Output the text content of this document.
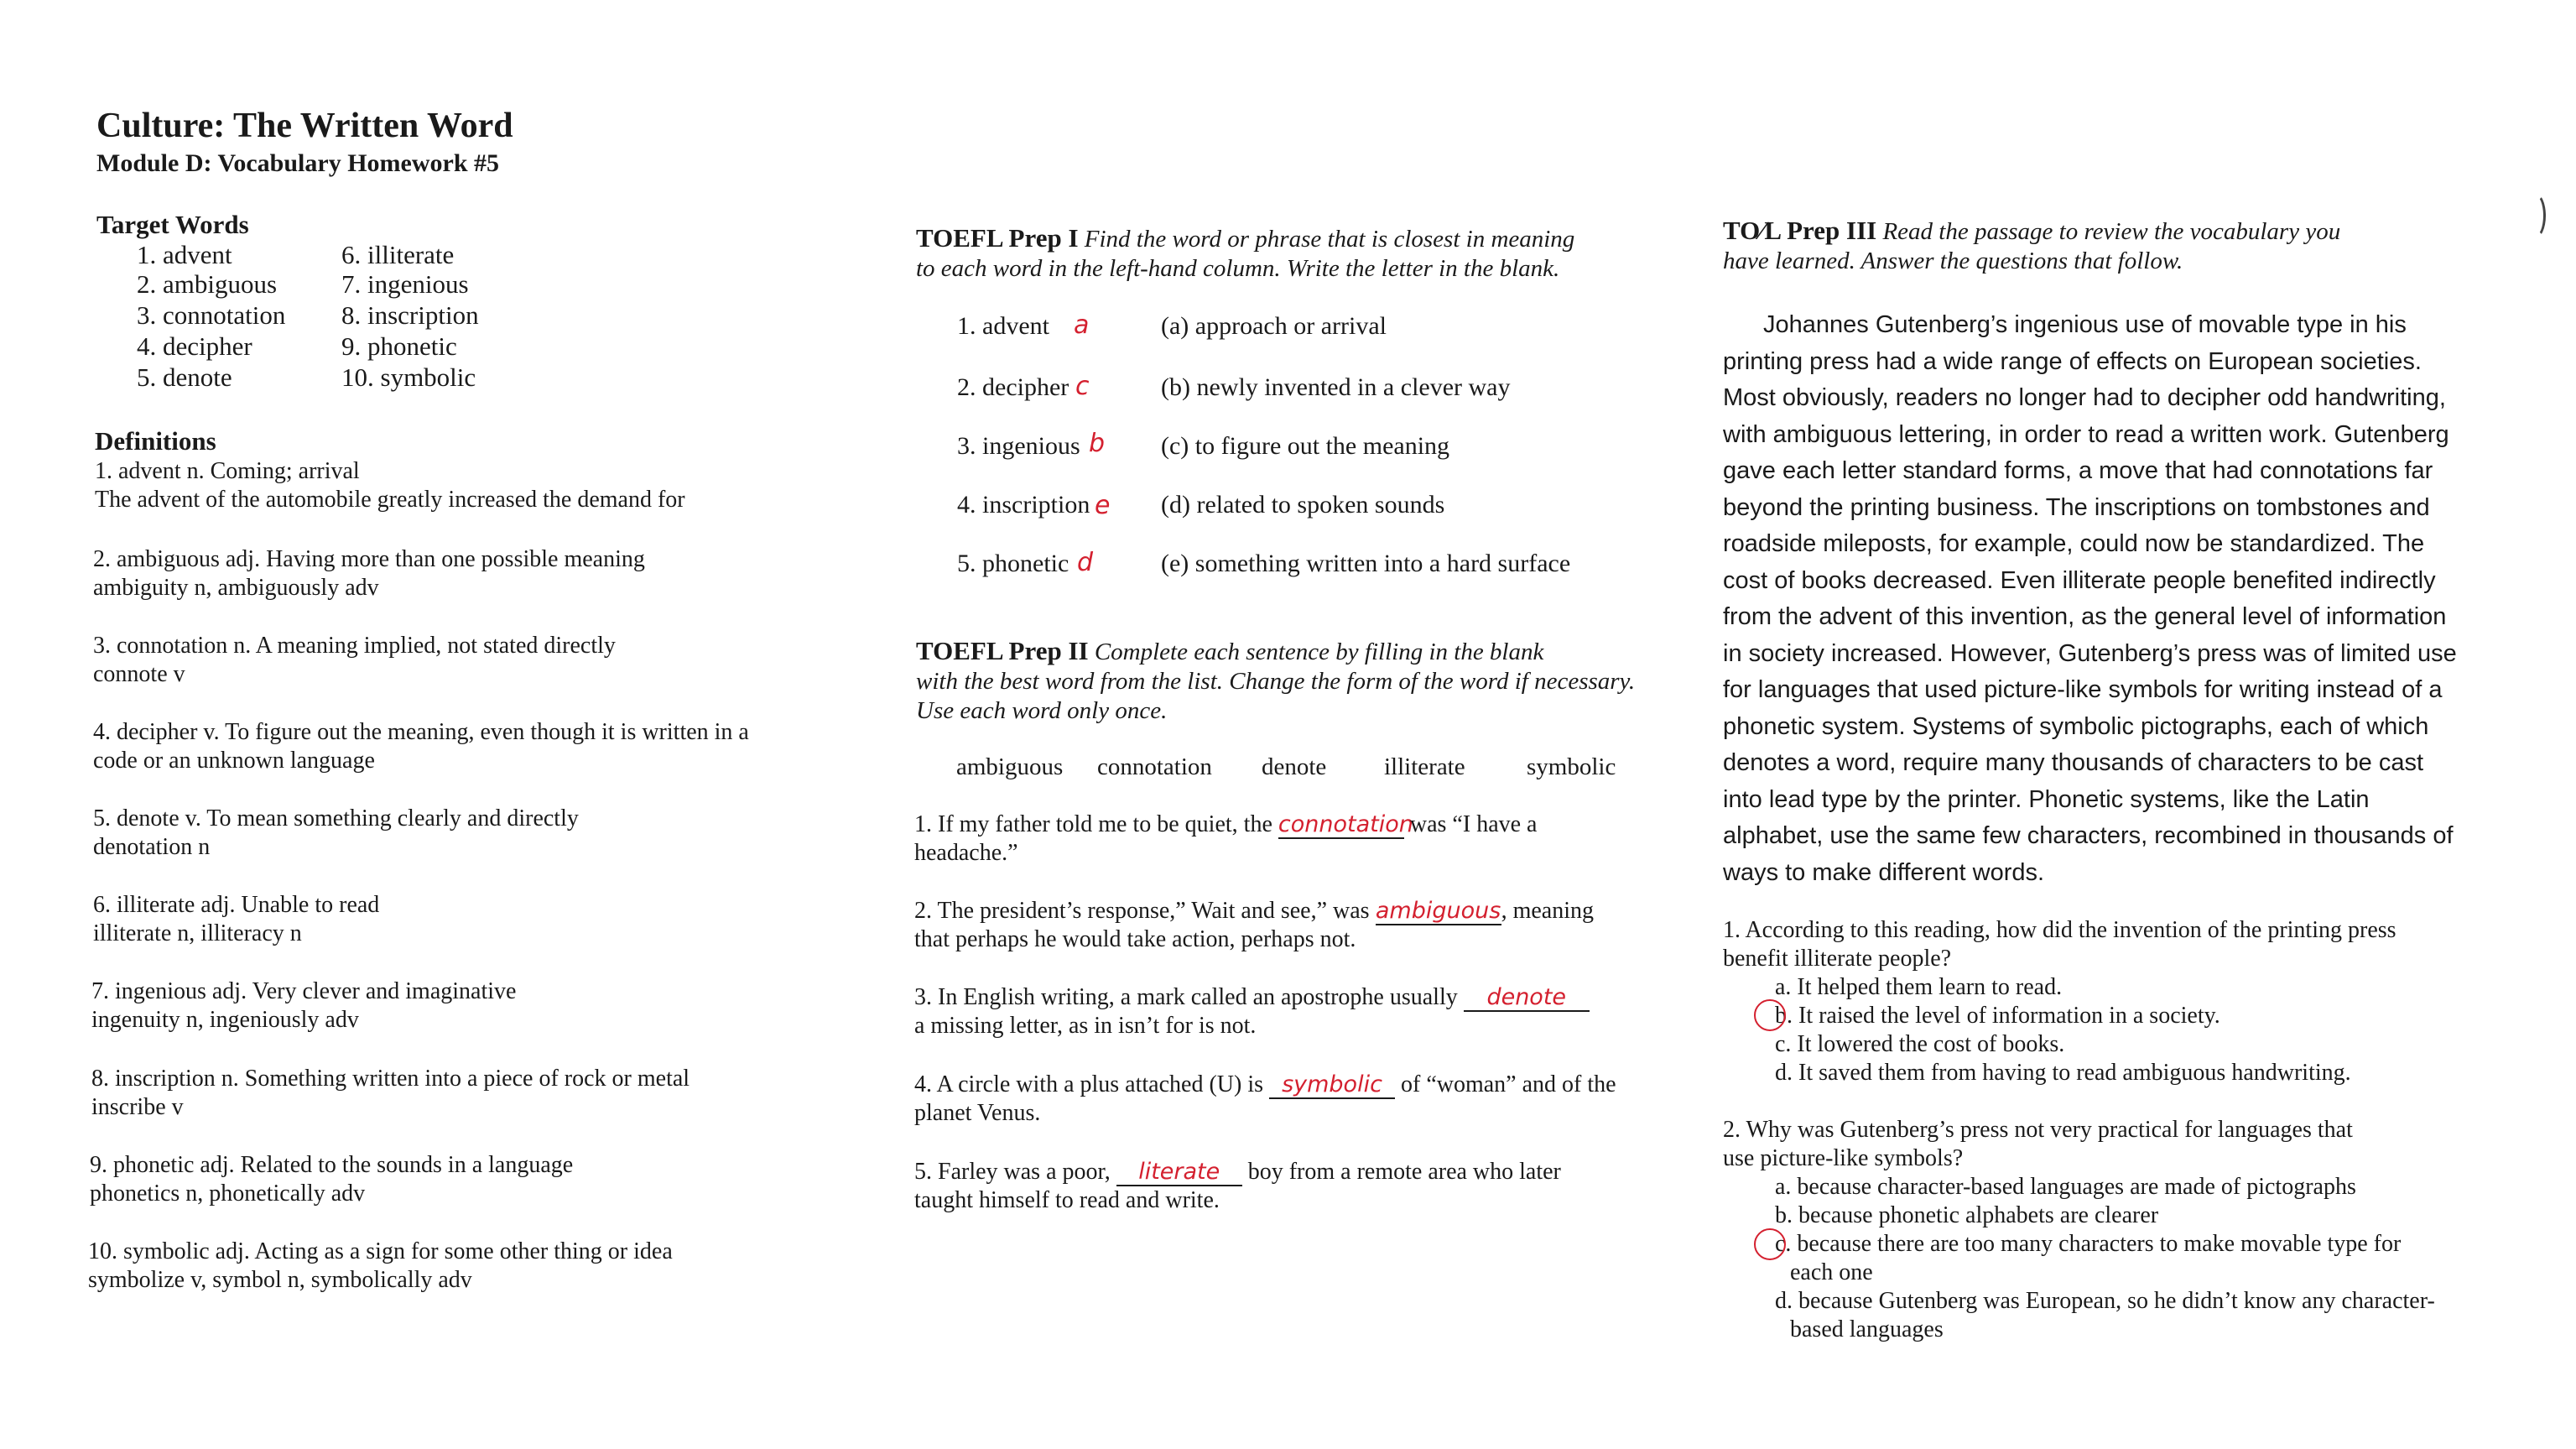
Culture: The Written Word
Module D: Vocabulary Homework #5
Target Words
1. advent
2. ambiguous
3. connotation
4. decipher
5. denote
6. illiterate
7. ingenious
8. inscription
9. phonetic
10. symbolic
Definitions
1. advent n. Coming; arrival
The advent of the automobile greatly increased the demand for
2. ambiguous adj. Having more than one possible meaning
ambiguity n, ambiguously adv
3. connotation n. A meaning implied, not stated directly
connote v
4. decipher v. To figure out the meaning, even though it is written in a
code or an unknown language
5. denote v. To mean something clearly and directly
denotation n
6. illiterate adj. Unable to read
illiterate n, illiteracy n
7. ingenious adj. Very clever and imaginative
ingenuity n, ingeniously adv
8. inscription n. Something written into a piece of rock or metal
inscribe v
9. phonetic adj. Related to the sounds in a language
phonetics n, phonetically adv
10. symbolic adj. Acting as a sign for some other thing or idea
symbolize v, symbol n, symbolically adv
TOEFL Prep I Find the word or phrase that is closest in meaning
to each word in the left-hand column. Write the letter in the blank.
1. advent a	(a) approach or arrival
2. decipher c	(b) newly invented in a clever way
3. ingenious b (c) to figure out the meaning
4. inscription e (d) related to spoken sounds
5. phonetic d	(e) something written into a hard surface
TOEFL Prep II Complete each sentence by filling in the blank
with the best word from the list. Change the form of the word if necessary.
Use each word only once.
ambiguous connotation denote illiterate	symbolic
1. If my father told me to be quiet, the connotation was “I have a
headache.”
2. The president’s response,” Wait and see,” was ambiguous, meaning
that perhaps he would take action, perhaps not.
3. In English writing, a mark called an apostrophe usually denote
a missing letter, as in isn’t for is not.
4. A circle with a plus attached (U) is symbolic of “woman” and of the
planet Venus.
5. Farley was a poor, literate boy from a remote area who later
taught himself to read and write.
TO∕L Prep III Read the passage to review the vocabulary you
have learned. Answer the questions that follow.
Johannes Gutenberg’s ingenious use of movable type in his
printing press had a wide range of effects on European societies.
Most obviously, readers no longer had to decipher odd handwriting,
with ambiguous lettering, in order to read a written work. Gutenberg
gave each letter standard forms, a move that had connotations far
beyond the printing business. The inscriptions on tombstones and
roadside mileposts, for example, could now be standardized. The
cost of books decreased. Even illiterate people benefited indirectly
from the advent of this invention, as the general level of information
in society increased. However, Gutenberg’s press was of limited use
for languages that used picture-like symbols for writing instead of a
phonetic system. Systems of symbolic pictographs, each of which
denotes a word, require many thousands of characters to be cast
into lead type by the printer. Phonetic systems, like the Latin
alphabet, use the same few characters, recombined in thousands of
ways to make different words.
1. According to this reading, how did the invention of the printing press
benefit illiterate people?
a. It helped them learn to read.
b. It raised the level of information in a society.
c. It lowered the cost of books.
d. It saved them from having to read ambiguous handwriting.
2. Why was Gutenberg’s press not very practical for languages that
use picture-like symbols?
a. because character-based languages are made of pictographs
b. because phonetic alphabets are clearer
c. because there are too many characters to make movable type for
each one
d. because Gutenberg was European, so he didn’t know any character-
based languages
